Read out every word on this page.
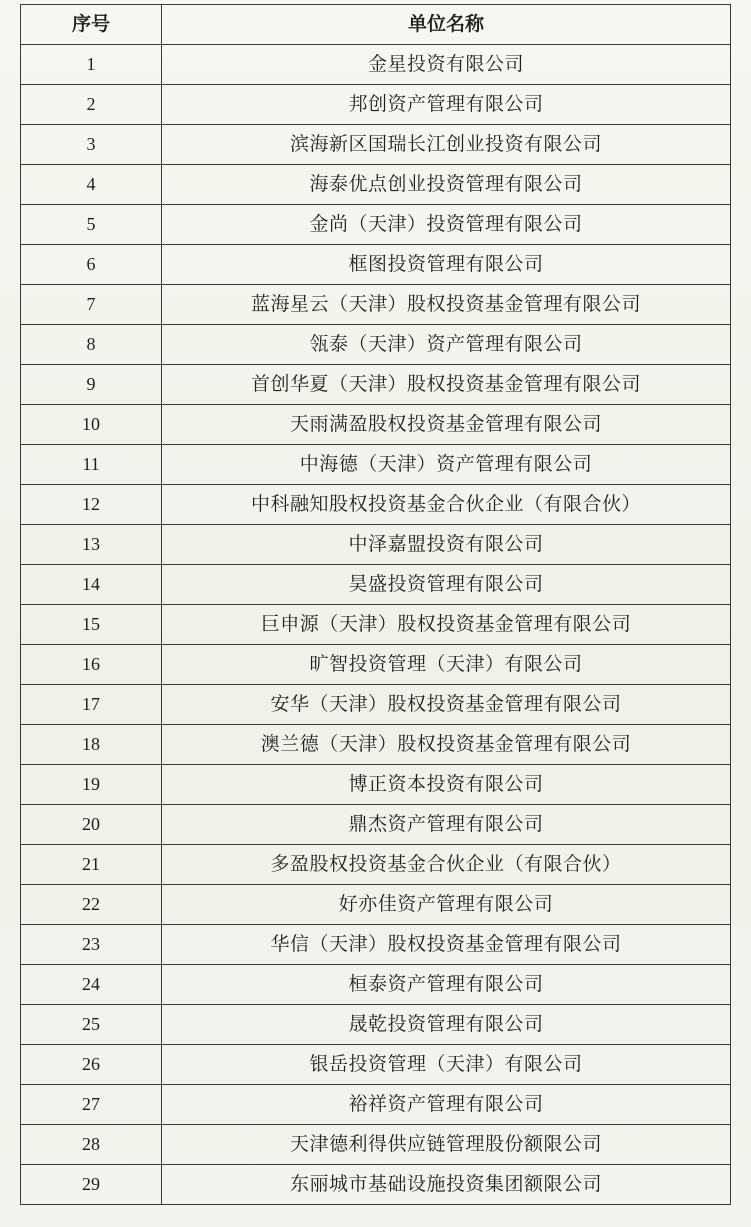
序号	单位名称
1	金星投资有限公司
2	邦创资产管理有限公司
3	滨海新区国瑞长江创业投资有限公司
4	海泰优点创业投资管理有限公司
5	金尚（天津）投资管理有限公司
6	框图投资管理有限公司
7	蓝海星云（天津）股权投资基金管理有限公司
8	瓴泰（天津）资产管理有限公司
9	首创华夏（天津）股权投资基金管理有限公司
10	天雨满盈股权投资基金管理有限公司
11	中海德（天津）资产管理有限公司
12	中科融知股权投资基金合伙企业（有限合伙）
13	中泽嘉盟投资有限公司
14	昊盛投资管理有限公司
15	巨申源（天津）股权投资基金管理有限公司
16	旷智投资管理（天津）有限公司
17	安华（天津）股权投资基金管理有限公司
18	澳兰德（天津）股权投资基金管理有限公司
19	博正资本投资有限公司
20	鼎杰资产管理有限公司
21	多盈股权投资基金合伙企业（有限合伙）
22	好亦佳资产管理有限公司
23	华信（天津）股权投资基金管理有限公司
24	桓泰资产管理有限公司
25	晟乾投资管理有限公司
26	银岳投资管理（天津）有限公司
27	裕祥资产管理有限公司
28	天津德利得供应链管理股份额限公司
29	东丽城市基础设施投资集团额限公司
